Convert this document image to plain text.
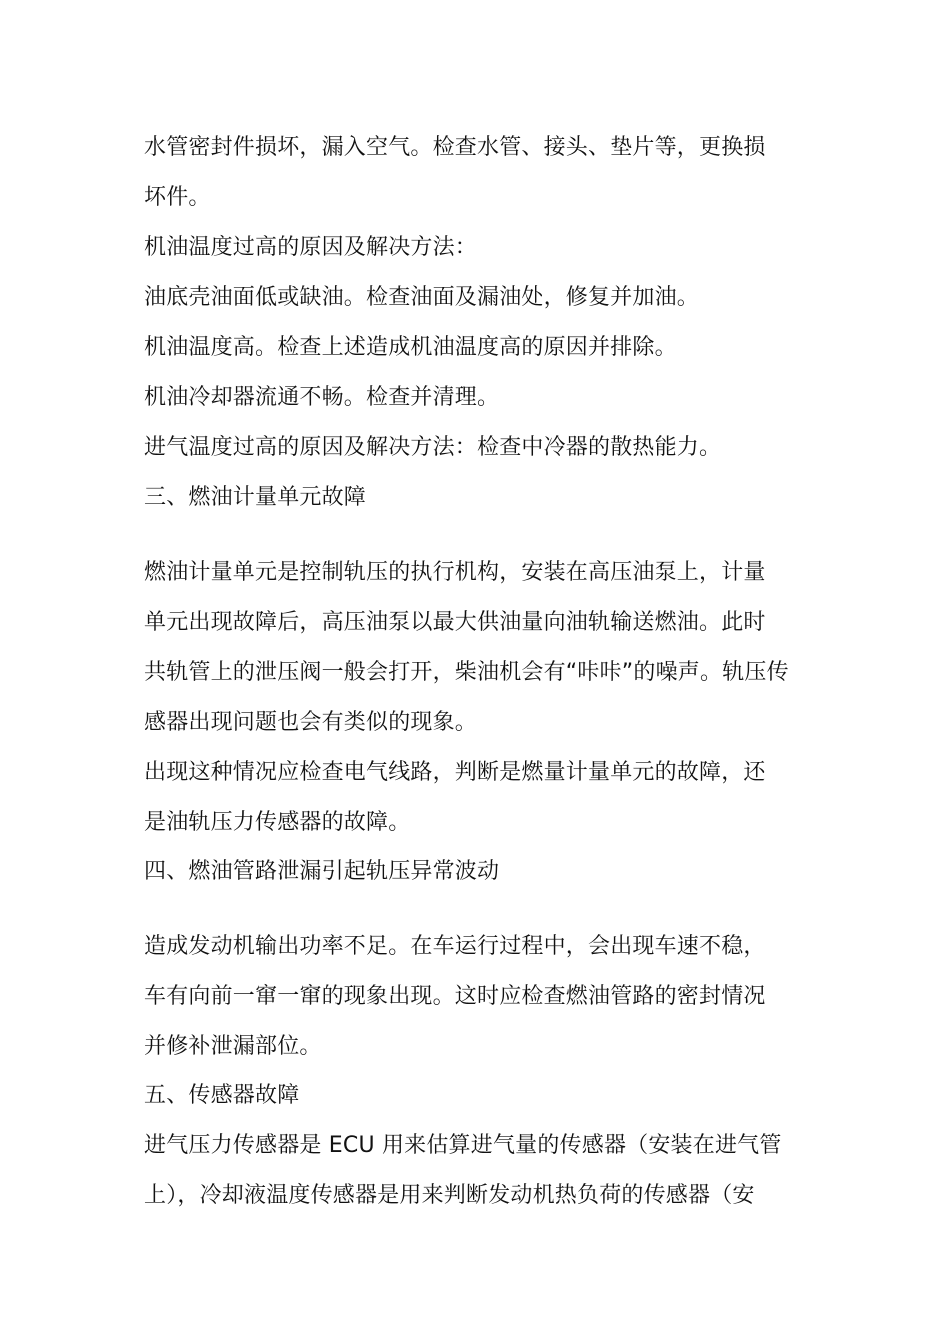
水管密封件损坏，漏入空气。检查水管、接头、垫片等，更换损
坏件。
机油温度过高的原因及解决方法：
油底壳油面低或缺油。检查油面及漏油处，修复并加油。
机油温度高。检查上述造成机油温度高的原因并排除。
机油冷却器流通不畅。检查并清理。
进气温度过高的原因及解决方法：检查中冷器的散热能力。
三、燃油计量单元故障
燃油计量单元是控制轨压的执行机构，安装在高压油泵上，计量
单元出现故障后，高压油泵以最大供油量向油轨输送燃油。此时
共轨管上的泄压阀一般会打开，柴油机会有“咔咔”的噪声。轨压传
感器出现问题也会有类似的现象。
出现这种情况应检查电气线路，判断是燃量计量单元的故障，还
是油轨压力传感器的故障。
四、燃油管路泄漏引起轨压异常波动
造成发动机输出功率不足。在车运行过程中，会出现车速不稳，
车有向前一窜一窜的现象出现。这时应检查燃油管路的密封情况
并修补泄漏部位。
五、传感器故障
进气压力传感器是 ECU 用来估算进气量的传感器（安装在进气管
上），冷却液温度传感器是用来判断发动机热负荷的传感器（安
